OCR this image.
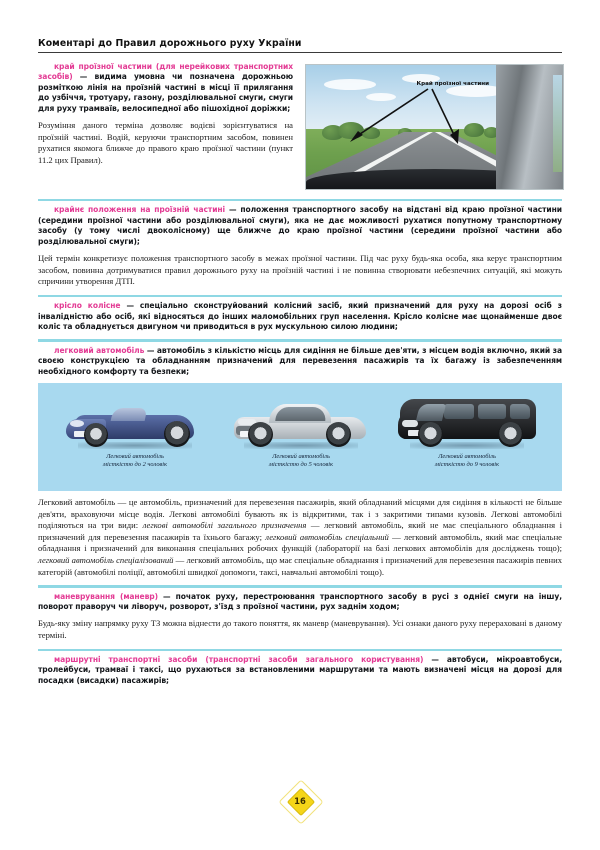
Коментарі до Правил дорожнього руху України
Край проїзної частини
край проїзної частини (для нерейкових транспортних засобів) — видима умовна чи позначена дорожньою розміткою лінія на проїзній частині в місці її прилягання до узбіччя, тротуару, газону, розділювальної смуги, смуги для руху трамваїв, велосипедної або пішохідної доріжки;
Розуміння даного терміна дозволяє водієві зорієнтуватися на проїзній частині. Водій, керуючи транспортним засобом, повинен рухатися якомога ближче до правого краю проїзної частини (пункт 11.2 цих Правил).
крайнє положення на проїзній частині — положення транспортного засобу на відстані від краю проїзної частини (середини проїзної частини або розділювальної смуги), яка не дає можливості рухатися попутному транспортному засобу (у тому числі двоколісному) ще ближче до краю проїзної частини (середини проїзної частини або розділювальної смуги);
Цей термін конкретизує положення транспортного засобу в межах проїзної частини. Під час руху будь-яка особа, яка керує транспортним засобом, повинна дотримуватися правил дорожнього руху на проїзній частині і не повинна створювати небезпечних ситуацій, які можуть спричини утворення ДТП.
крісло колісне — спеціально сконструйований колісний засіб, який призначений для руху на дорозі осіб з інвалідністю або осіб, які відносяться до інших маломобільних груп населення. Крісло колісне має щонайменше двоє коліс та обладнується двигуном чи приводиться в рух мускульною силою людини;
легковий автомобіль — автомобіль з кількістю місць для сидіння не більше дев'яти, з місцем водія включно, який за своєю конструкцією та обладнанням призначений для перевезення пасажирів та їх багажу із забезпеченням необхідного комфорту та безпеки;
Легковий автомобіль
місткістю до 2 чоловік
Легковий автомобіль
місткістю до 5 чоловік
Легковий автомобіль
місткістю до 9 чоловік
Легковий автомобіль — це автомобіль, призначений для перевезення пасажирів, який обладнаний місцями для сидіння в кількості не більше дев'яти, враховуючи місце водія. Легкові автомобілі бувають як із відкритими, так і з закритими типами кузовів. Легкові автомобілі поділяються на три види: легкові автомобілі загального призначення — легковий автомобіль, який не має спеціального обладнання і призначений для перевезення пасажирів та їхнього багажу; легковий автомобіль спеціальний — легковий автомобіль, який має спеціальне обладнання і призначений для виконання спеціальних робочих функцій (лабораторії на базі легкових автомобілів для досліджень тощо); легковий автомобіль спеціалізований — легковий автомобіль, що має спеціальне обладнання і призначений для перевезення пасажирів певних категорій (автомобілі поліції, автомобілі швидкої допомоги, таксі, навчальні автомобілі тощо).
маневрування (маневр) — початок руху, перестроювання транспортного засобу в русі з однієї смуги на іншу, поворот праворуч чи ліворуч, розворот, з'їзд з проїзної частини, рух заднім ходом;
Будь-яку зміну напрямку руху ТЗ можна віднести до такого поняття, як маневр (маневрування). Усі ознаки даного руху перераховані в даному терміні.
маршрутні транспортні засоби (транспортні засоби загального користування) — автобуси, мікроавтобуси, тролейбуси, трамваї і таксі, що рухаються за встановленими маршрутами та мають визначені місця на дорозі для посадки (висадки) пасажирів;
16
